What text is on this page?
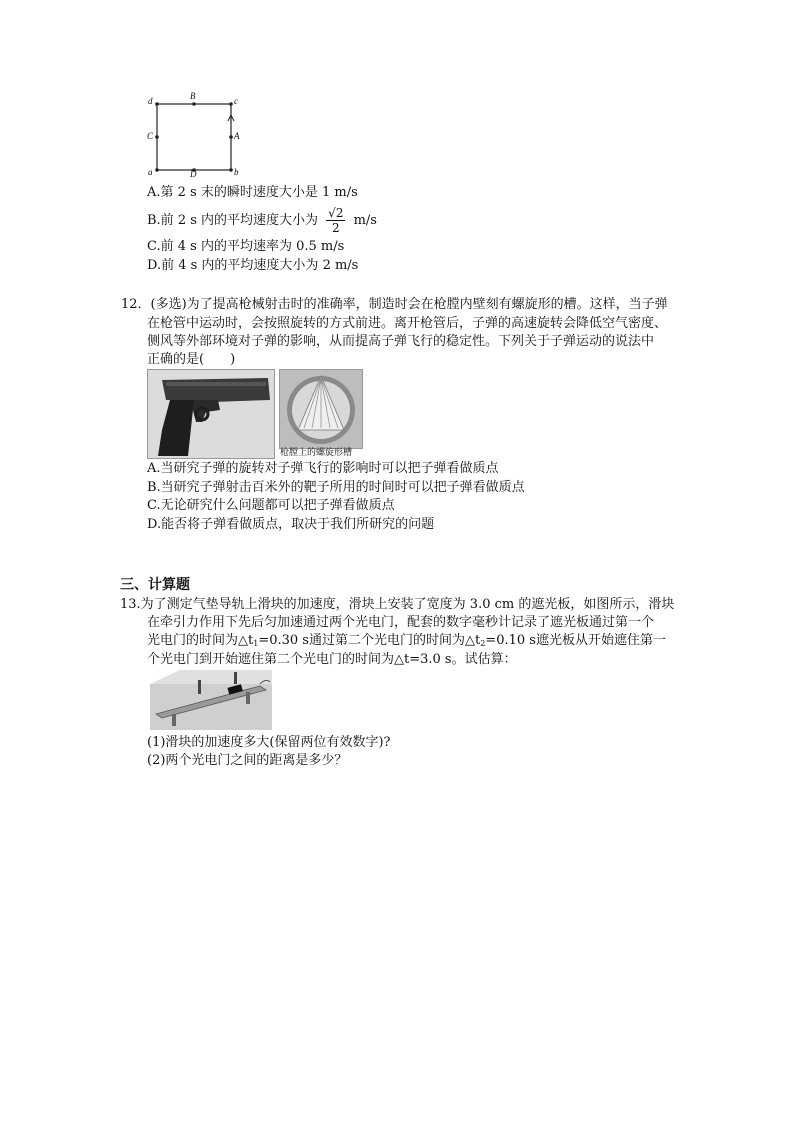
d	B	c
C	A
a	D	b
A.第 2 s 末的瞬时速度大小是 1 m/s
B.前 2 s 内的平均速度大小为 $\frac{√2}{2} m/s$
C.前 4 s 内的平均速率为 0.5 m/s
D.前 4 s 内的平均速度大小为 2 m/s
12．(多选)为了提高枪械射击时的准确率，制造时会在枪膛内壁刻有螺旋形的槽。这样，当子弹
在枪管中运动时，会按照旋转的方式前进。离开枪管后，子弹的高速旋转会降低空气密度、
侧风等外部环境对子弹的影响，从而提高子弹飞行的稳定性。下列关于子弹运动的说法中
正确的是(　　)
枪膛上的螺旋形槽
A.当研究子弹的旋转对子弹飞行的影响时可以把子弹看做质点
B.当研究子弹射击百米外的靶子所用的时间时可以把子弹看做质点
C.无论研究什么问题都可以把子弹看做质点
D.能否将子弹看做质点，取决于我们所研究的问题
三、计算题
13.为了测定气垫导轨上滑块的加速度，滑块上安装了宽度为 3.0 cm 的遮光板，如图所示，滑块
在牵引力作用下先后匀加速通过两个光电门，配套的数字毫秒计记录了遮光板通过第一个
光电门的时间为$\triangle t_1=0.30$ s通过第二个光电门的时间为$\triangle t_2=0.10$ s遮光板从开始遮住第一
个光电门到开始遮住第二个光电门的时间为△t=3.0 s。试估算：
(1)滑块的加速度多大(保留两位有效数字)?
(2)两个光电门之间的距离是多少？
